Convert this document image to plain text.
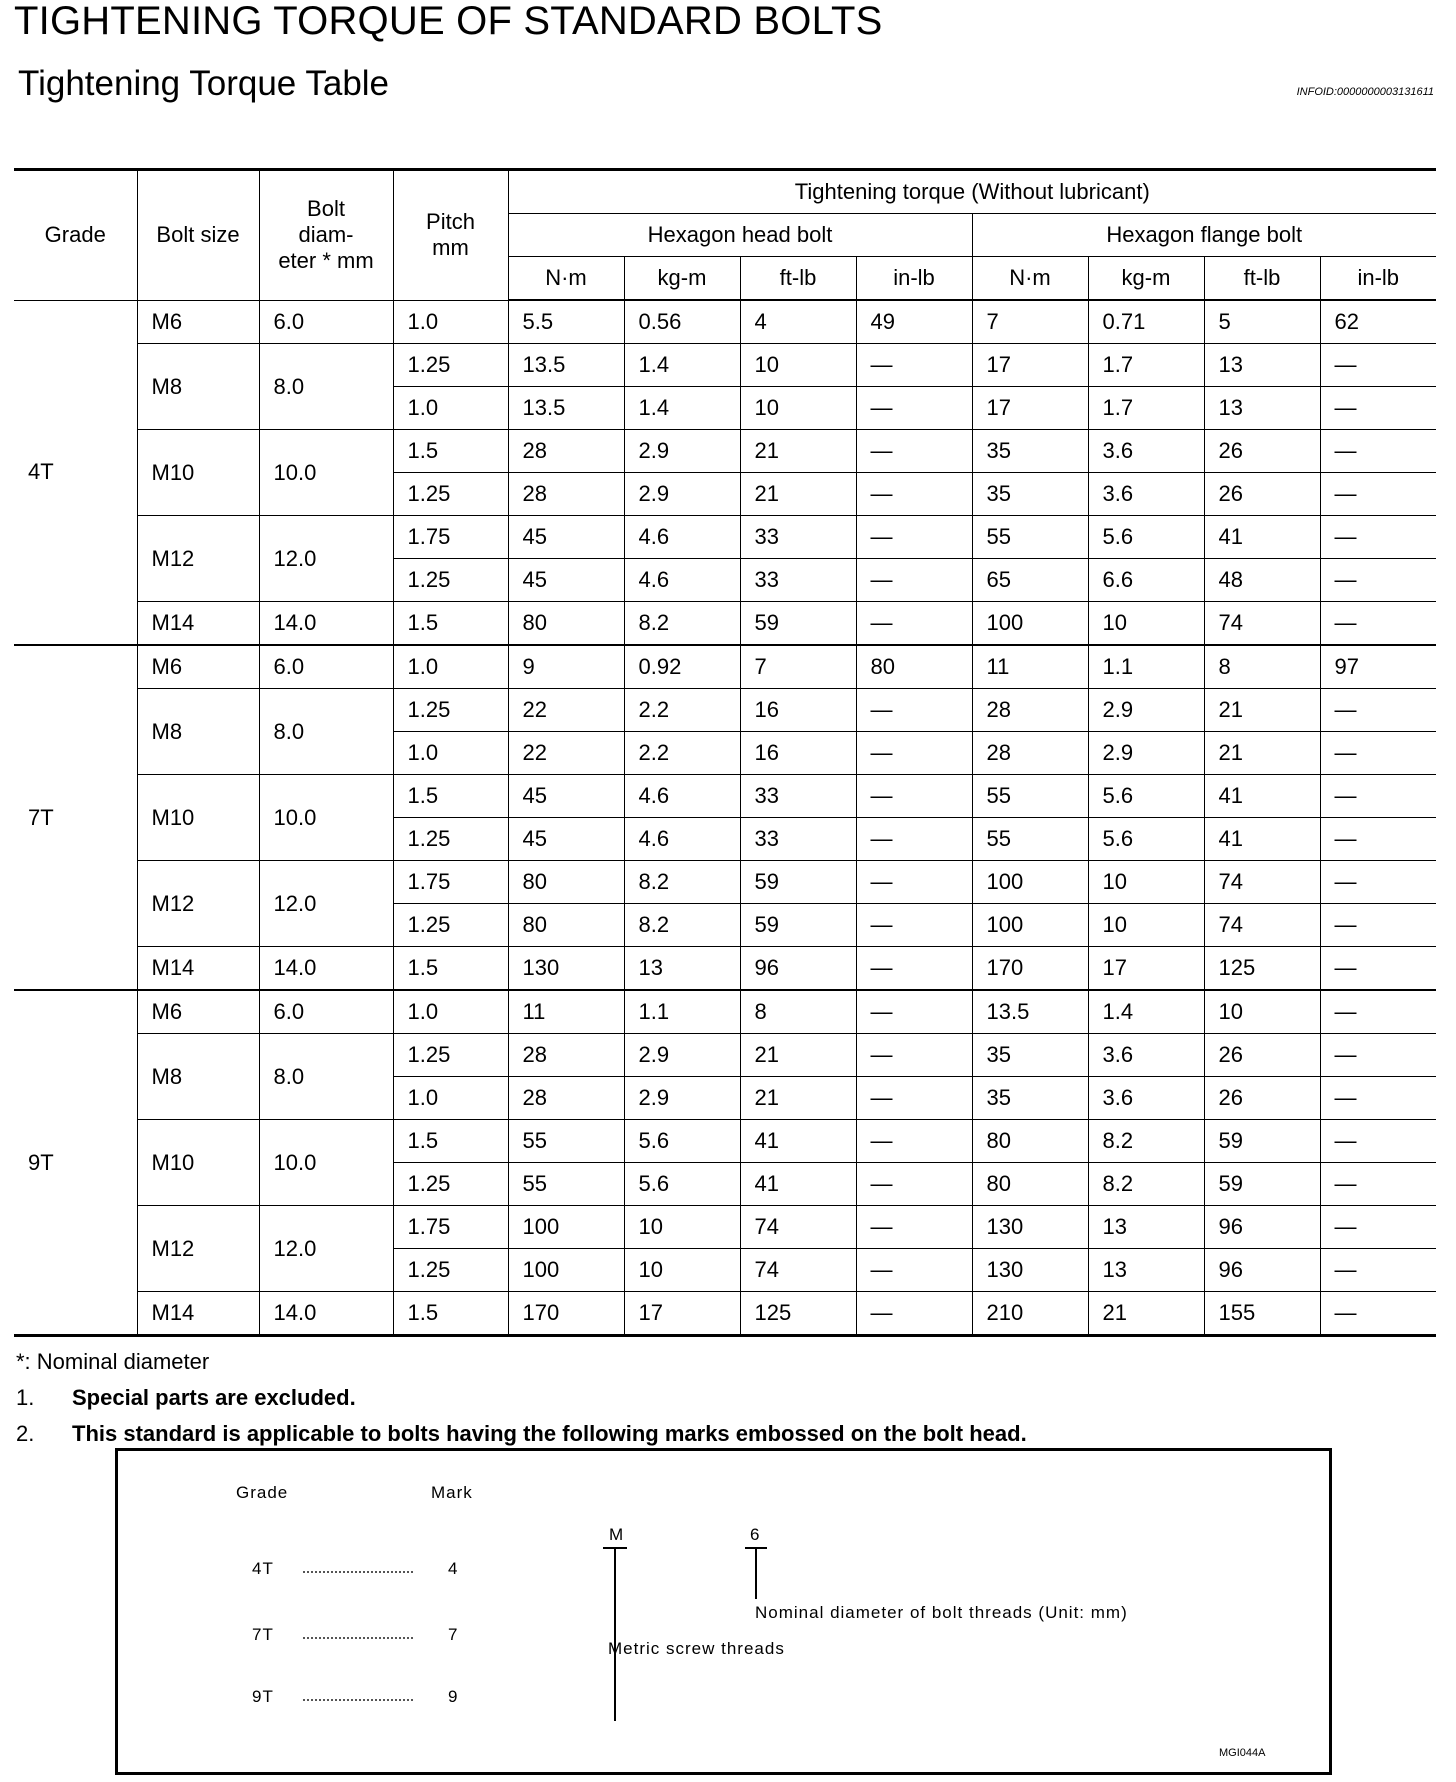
TIGHTENING TORQUE OF STANDARD BOLTS
Tightening Torque Table	INFOID:0000000003131611
Grade	Bolt size	Bolt diam- eter * mm	Pitch mm	Tightening torque (Without lubricant)							
				Hexagon head bolt				Hexagon flange bolt			
				N·m	kg-m	ft-lb	in-lb	N·m	kg-m	ft-lb	in-lb
4T	M6	6.0	1.0	5.5	0.56	4	49	7	0.71	5	62
	M8	8.0	1.25	13.5	1.4	10	—	17	1.7	13	—
			1.0	13.5	1.4	10	—	17	1.7	13	—
	M10	10.0	1.5	28	2.9	21	—	35	3.6	26	—
			1.25	28	2.9	21	—	35	3.6	26	—
	M12	12.0	1.75	45	4.6	33	—	55	5.6	41	—
			1.25	45	4.6	33	—	65	6.6	48	—
	M14	14.0	1.5	80	8.2	59	—	100	10	74	—
7T	M6	6.0	1.0	9	0.92	7	80	11	1.1	8	97
	M8	8.0	1.25	22	2.2	16	—	28	2.9	21	—
			1.0	22	2.2	16	—	28	2.9	21	—
	M10	10.0	1.5	45	4.6	33	—	55	5.6	41	—
			1.25	45	4.6	33	—	55	5.6	41	—
	M12	12.0	1.75	80	8.2	59	—	100	10	74	—
			1.25	80	8.2	59	—	100	10	74	—
	M14	14.0	1.5	130	13	96	—	170	17	125	—
9T	M6	6.0	1.0	11	1.1	8	—	13.5	1.4	10	—
	M8	8.0	1.25	28	2.9	21	—	35	3.6	26	—
			1.0	28	2.9	21	—	35	3.6	26	—
	M10	10.0	1.5	55	5.6	41	—	80	8.2	59	—
			1.25	55	5.6	41	—	80	8.2	59	—
	M12	12.0	1.75	100	10	74	—	130	13	96	—
			1.25	100	10	74	—	130	13	96	—
	M14	14.0	1.5	170	17	125	—	210	21	155	—
*: Nominal diameter
1. Special parts are excluded.
2. This standard is applicable to bolts having the following marks embossed on the bolt head.
Grade	Mark
4T	4
7T	7
9T	9
M	6
Nominal diameter of bolt threads (Unit: mm)
Metric screw threads
MGI044A
